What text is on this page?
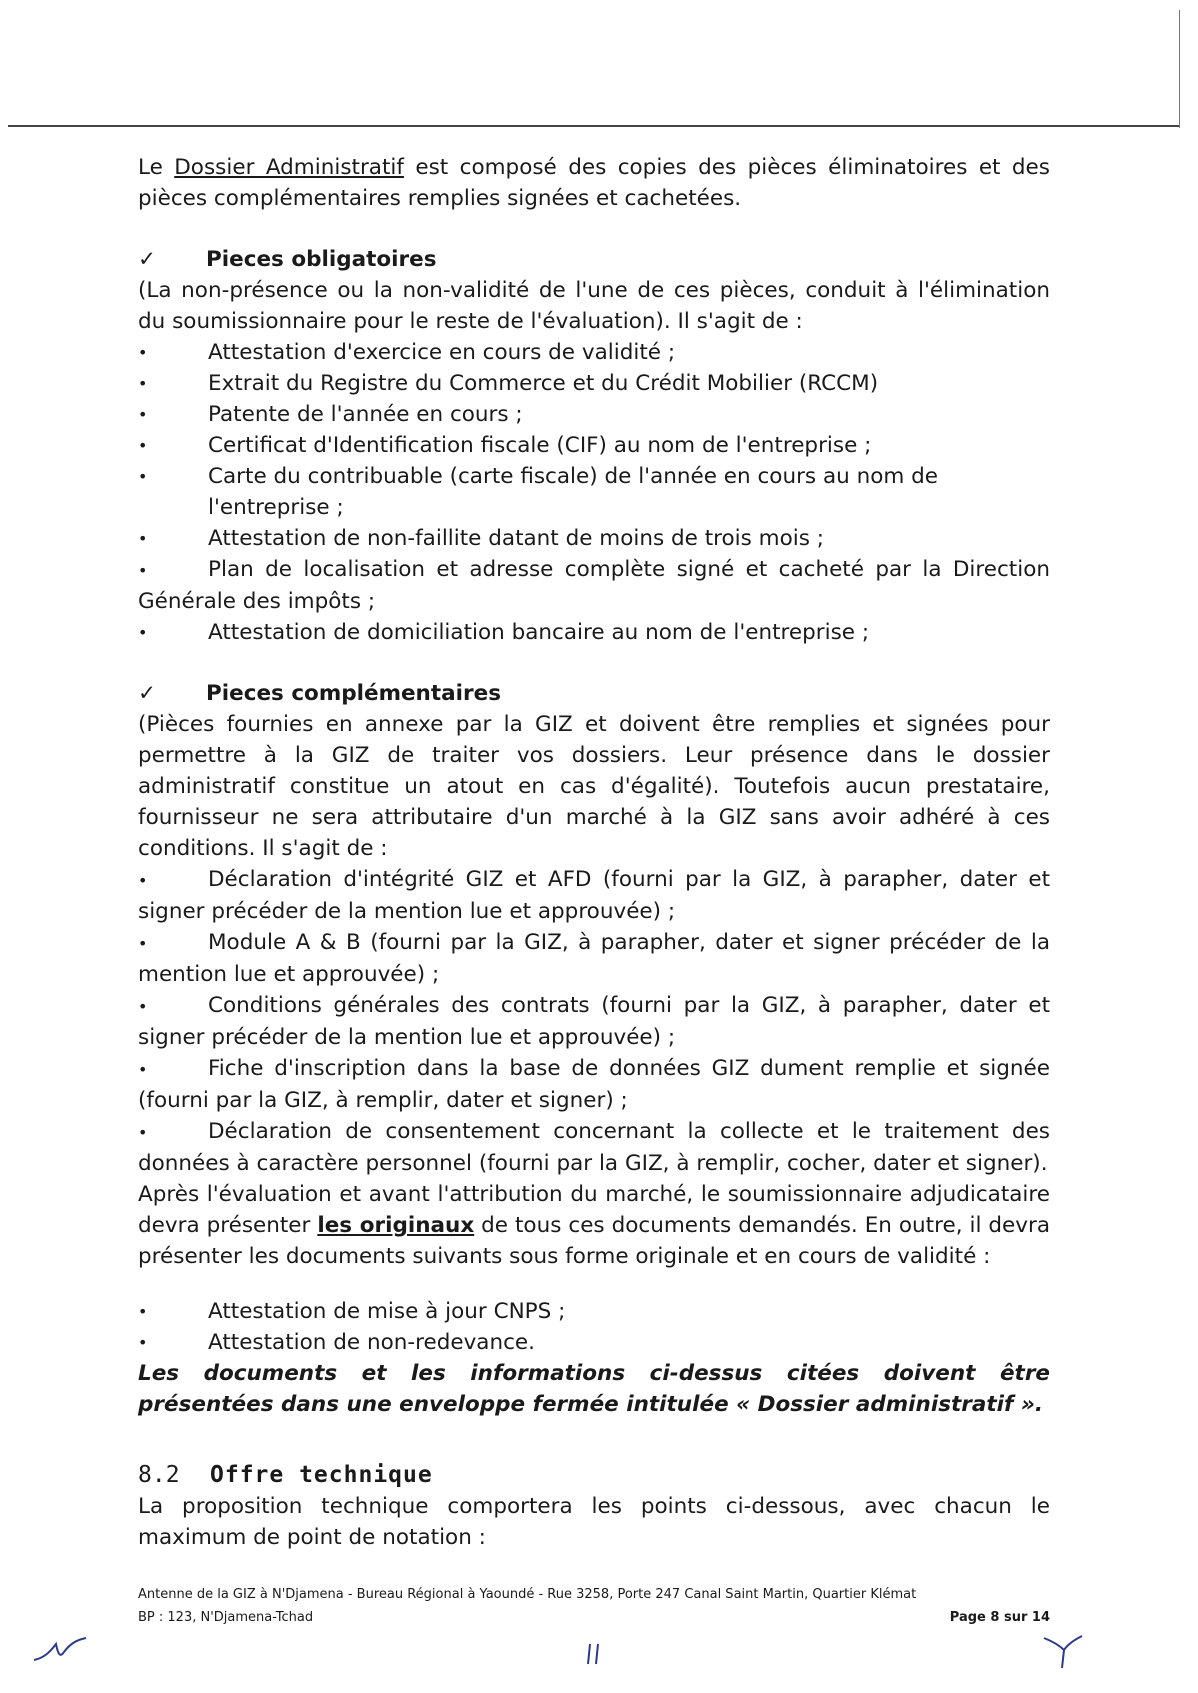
Le Dossier Administratif est composé des copies des pièces éliminatoires et des pièces complémentaires remplies signées et cachetées.

✓	Pieces obligatoires

(La non-présence ou la non-validité de l'une de ces pièces, conduit à l'élimination du soumissionnaire pour le reste de l'évaluation). Il s'agit de :

•	Attestation d'exercice en cours de validité ;
•	Extrait du Registre du Commerce et du Crédit Mobilier (RCCM)
•	Patente de l'année en cours ;
•	Certificat d'Identification fiscale (CIF) au nom de l'entreprise ;
•	Carte du contribuable (carte fiscale) de l'année en cours au nom de l'entreprise ;
•	Attestation de non-faillite datant de moins de trois mois ;
•	Plan de localisation et adresse complète signé et cacheté par la Direction Générale des impôts ;
•	Attestation de domiciliation bancaire au nom de l'entreprise ;
✓	Pieces complémentaires

(Pièces fournies en annexe par la GIZ et doivent être remplies et signées pour permettre à la GIZ de traiter vos dossiers. Leur présence dans le dossier administratif constitue un atout en cas d'égalité). Toutefois aucun prestataire, fournisseur ne sera attributaire d'un marché à la GIZ sans avoir adhéré à ces conditions. Il s'agit de :

•	Déclaration d'intégrité GIZ et AFD (fourni par la GIZ, à parapher, dater et signer précéder de la mention lue et approuvée) ;
•	Module A & B (fourni par la GIZ, à parapher, dater et signer précéder de la mention lue et approuvée) ;
•	Conditions générales des contrats (fourni par la GIZ, à parapher, dater et signer précéder de la mention lue et approuvée) ;
•	Fiche d'inscription dans la base de données GIZ dument remplie et signée (fourni par la GIZ, à remplir, dater et signer) ;
•	Déclaration de consentement concernant la collecte et le traitement des données à caractère personnel (fourni par la GIZ, à remplir, cocher, dater et signer).

Après l'évaluation et avant l'attribution du marché, le soumissionnaire adjudicataire devra présenter les originaux de tous ces documents demandés. En outre, il devra présenter les documents suivants sous forme originale et en cours de validité :

•	Attestation de mise à jour CNPS ;
•	Attestation de non-redevance.

Les documents et les informations ci-dessus citées doivent être présentées dans une enveloppe fermée intitulée « Dossier administratif ».

8.2	Offre technique

La proposition technique comportera les points ci-dessous, avec chacun le maximum de point de notation :

Antenne de la GIZ à N'Djamena - Bureau Régional à Yaoundé - Rue 3258, Porte 247 Canal Saint Martin, Quartier Klémat
BP : 123, N'Djamena-Tchad	Page 8 sur 14
